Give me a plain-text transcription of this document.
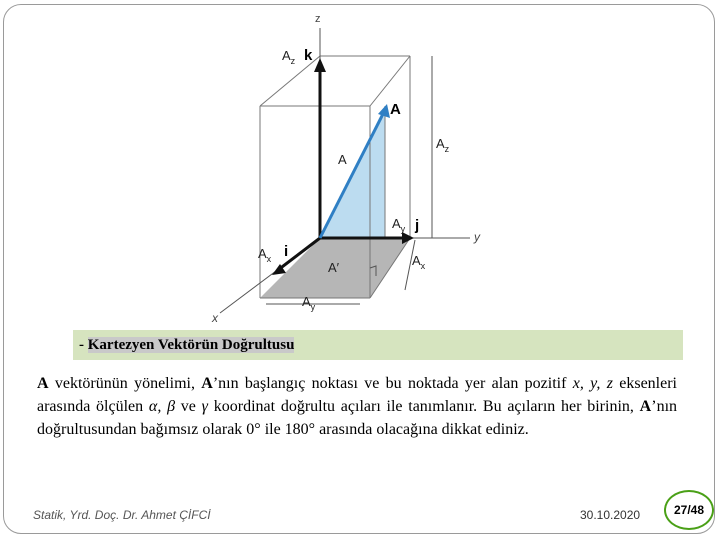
z
y
x
$A_z$ k
A
$A_z$
A
$A_y$ j
$A_x$ i
$A_x$
A′
$A_y$
- Kartezyen Vektörün Doğrultusu

A vektörünün yönelimi, A’nın başlangıç noktası ve bu noktada yer alan pozitif x, y, z eksenleri arasında ölçülen α, β ve γ koordinat doğrultu açıları ile tanımlanır. Bu açıların her birinin, A’nın doğrultusundan bağımsız olarak 0° ile 180° arasında olacağına dikkat ediniz.

Statik, Yrd. Doç. Dr. Ahmet ÇİFCİ	30.10.2020	27/48
